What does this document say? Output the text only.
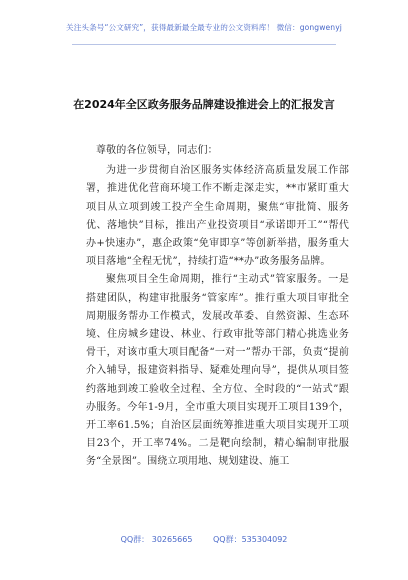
关注头条号“公文研究”，获得最新最全最专业的公文资料库！ 微信：gongwenyj
在2024年全区政务服务品牌建设推进会上的汇报发言

尊敬的各位领导，同志们：

为进一步贯彻自治区服务实体经济高质量发展工作部署，推进优化营商环境工作不断走深走实，**市紧盯重大项目从立项到竣工投产全生命周期，聚焦“审批简、服务优、落地快”目标，推出产业投资项目“承诺即开工”“帮代办+快速办”，惠企政策“免审即享”等创新举措，服务重大项目落地“全程无忧”，持续打造“**办”政务服务品牌。

聚焦项目全生命周期，推行“主动式”管家服务。一是搭建团队，构建审批服务“管家库”。推行重大项目审批全周期服务帮办工作模式，发展改革委、自然资源、生态环境、住房城乡建设、林业、行政审批等部门精心挑选业务骨干，对该市重大项目配备“一对一”帮办干部，负责“提前介入辅导，报建资料指导、疑难处理向导”，提供从项目签约落地到竣工验收全过程、全方位、全时段的“一站式”跟办服务。今年1-9月，全市重大项目实现开工项目139个，开工率61.5%；自治区层面统筹推进重大项目实现开工项目23个，开工率74%。二是靶向绘制，精心编制审批服务“全景图”。围绕立项用地、规划建设、施工

QQ群： 30265665	QQ群：535304092
